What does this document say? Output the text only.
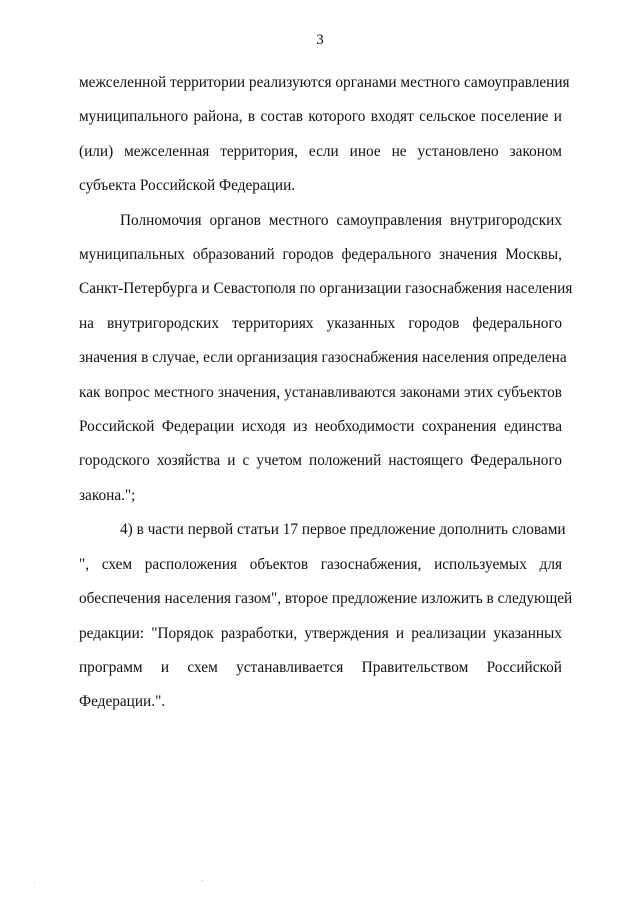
3

межселенной территории реализуются органами местного самоуправления
муниципального района, в состав которого входят сельское поселение и
(или) межселенная территория, если иное не установлено законом
субъекта Российской Федерации.

Полномочия органов местного самоуправления внутригородских
муниципальных образований городов федерального значения Москвы,
Санкт-Петербурга и Севастополя по организации газоснабжения населения
на внутригородских территориях указанных городов федерального
значения в случае, если организация газоснабжения населения определена
как вопрос местного значения, устанавливаются законами этих субъектов
Российской Федерации исходя из необходимости сохранения единства
городского хозяйства и с учетом положений настоящего Федерального
закона.";

4) в части первой статьи 17 первое предложение дополнить словами
", схем расположения объектов газоснабжения, используемых для
обеспечения населения газом", второе предложение изложить в следующей
редакции: "Порядок разработки, утверждения и реализации указанных
программ и схем устанавливается Правительством Российской
Федерации.".
